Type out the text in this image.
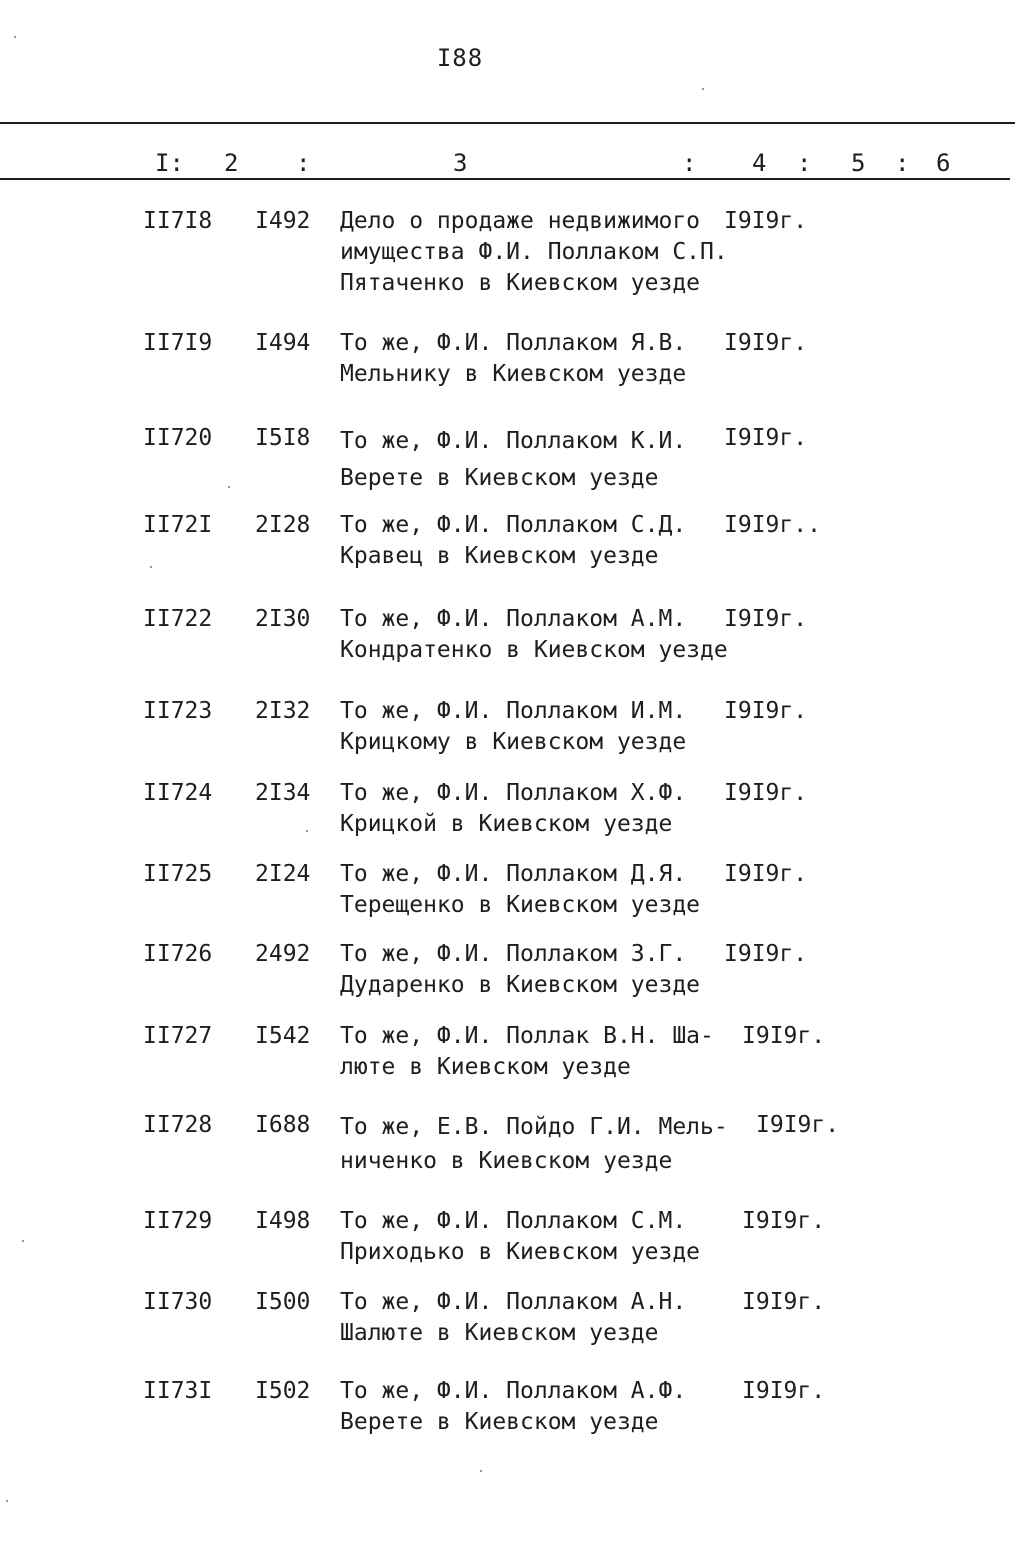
I88
I: 2 :	3	: 4 : 5 : 6
II7I8 I492 Дело о продаже недвижимого
имущества Ф.И. Поллаком С.П.
Пятаченко в Киевском уезде
I9I9г.
II7I9 I494 То же, Ф.И. Поллаком Я.В.
Мельнику в Киевском уезде
I9I9г.
II720 I5I8 То же, Ф.И. Поллаком К.И.
Верете в Киевском уезде
I9I9г.
II72I 2I28 То же, Ф.И. Поллаком С.Д.
Кравец в Киевском уезде
I9I9г..
II722 2I30 То же, Ф.И. Поллаком А.М.
Кондратенко в Киевском уезде
I9I9г.
II723 2I32 То же, Ф.И. Поллаком И.М.
Крицкому в Киевском уезде
I9I9г.
II724 2I34 То же, Ф.И. Поллаком Х.Ф.
Крицкой в Киевском уезде
I9I9г.
II725 2I24 То же, Ф.И. Поллаком Д.Я.
Терещенко в Киевском уезде
I9I9г.
II726 2492 То же, Ф.И. Поллаком З.Г.
Дударенко в Киевском уезде
I9I9г.
II727 I542 То же, Ф.И. Поллак В.Н. Ша-
люте в Киевском уезде
I9I9г.
II728 I688 То же, Е.В. Пойдо Г.И. Мель-
ниченко в Киевском уезде
I9I9г.
II729 I498 То же, Ф.И. Поллаком С.М.
Приходько в Киевском уезде
I9I9г.
II730 I500 То же, Ф.И. Поллаком А.Н.
Шалюте в Киевском уезде
I9I9г.
II73I I502 То же, Ф.И. Поллаком А.Ф.
Верете в Киевском уезде
I9I9г.
